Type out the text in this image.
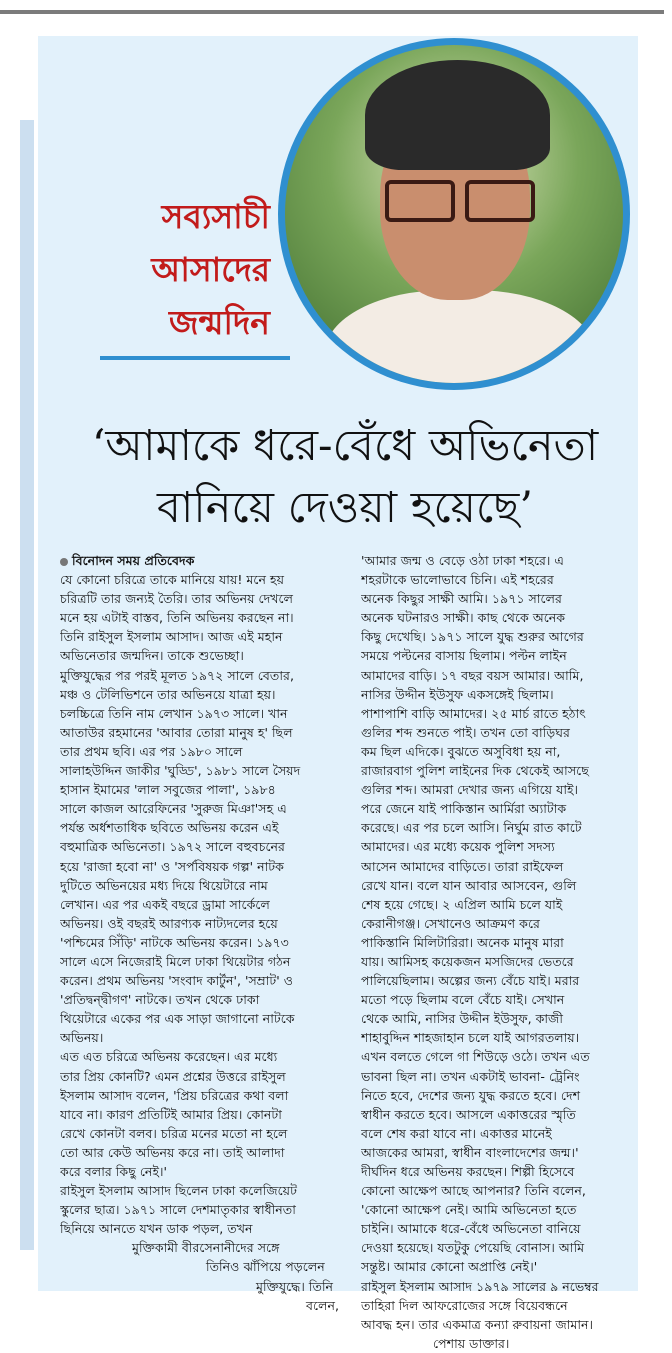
সব্যসাচী
আসাদের
জন্মদিন
‘আমাকে ধরে-বেঁধে অভিনেতা
বানিয়ে দেওয়া হয়েছে’
বিনোদন সময় প্রতিবেদক
যে কোনো চরিত্রে তাকে মানিয়ে যায়! মনে হয়
চরিত্রটি তার জন্যই তৈরি। তার অভিনয় দেখলে
মনে হয় এটাই বাস্তব, তিনি অভিনয় করছেন না।
তিনি রাইসুল ইসলাম আসাদ। আজ এই মহান
অভিনেতার জন্মদিন। তাকে শুভেচ্ছা।
মুক্তিযুদ্ধের পর পরই মূলত ১৯৭২ সালে বেতার,
মঞ্চ ও টেলিভিশনে তার অভিনয়ে যাত্রা হয়।
চলচ্চিত্রে তিনি নাম লেখান ১৯৭৩ সালে। খান
আতাউর রহমানের 'আবার তোরা মানুষ হ' ছিল
তার প্রথম ছবি। এর পর ১৯৮০ সালে
সালাহউদ্দিন জাকীর 'ঘুড্ডি', ১৯৮১ সালে সৈয়দ
হাসান ইমামের 'লাল সবুজের পালা', ১৯৮৪
সালে কাজল আরেফিনের 'সুরুজ মিঞা'সহ এ
পর্যন্ত অর্ধশতাধিক ছবিতে অভিনয় করেন এই
বহুমাত্রিক অভিনেতা। ১৯৭২ সালে বহুবচনের
হয়ে 'রাজা হবো না' ও 'সর্পবিষয়ক গল্প' নাটক
দুটিতে অভিনয়ের মধ্য দিয়ে থিয়েটারে নাম
লেখান। এর পর একই বছরে ড্রামা সার্কেলে
অভিনয়। ওই বছরই আরণ্যক নাট্যদলের হয়ে
'পশ্চিমের সিঁড়ি' নাটকে অভিনয় করেন। ১৯৭৩
সালে এসে নিজেরাই মিলে ঢাকা থিয়েটার গঠন
করেন। প্রথম অভিনয় 'সংবাদ কার্টুন', 'সম্রাট' ও
'প্রতিদ্বন্দ্বীগণ' নাটকে। তখন থেকে ঢাকা
থিয়েটারে একের পর এক সাড়া জাগানো নাটকে
অভিনয়।
এত এত চরিত্রে অভিনয় করেছেন। এর মধ্যে
তার প্রিয় কোনটি? এমন প্রশ্নের উত্তরে রাইসুল
ইসলাম আসাদ বলেন, 'প্রিয় চরিত্রের কথা বলা
যাবে না। কারণ প্রতিটিই আমার প্রিয়। কোনটা
রেখে কোনটা বলব। চরিত্র মনের মতো না হলে
তো আর কেউ অভিনয় করে না। তাই আলাদা
করে বলার কিছু নেই।'
রাইসুল ইসলাম আসাদ ছিলেন ঢাকা কলেজিয়েট
স্কুলের ছাত্র। ১৯৭১ সালে দেশমাতৃকার স্বাধীনতা
ছিনিয়ে আনতে যখন ডাক পড়ল, তখন
মুক্তিকামী বীরসেনানীদের সঙ্গে
তিনিও ঝাঁপিয়ে পড়লেন
মুক্তিযুদ্ধে। তিনি
বলেন,
'আমার জন্ম ও বেড়ে ওঠা ঢাকা শহরে। এ
শহরটাকে ভালোভাবে চিনি। এই শহরের
অনেক কিছুর সাক্ষী আমি। ১৯৭১ সালের
অনেক ঘটনারও সাক্ষী। কাছ থেকে অনেক
কিছু দেখেছি। ১৯৭১ সালে যুদ্ধ শুরুর আগের
সময়ে পল্টনের বাসায় ছিলাম। পল্টন লাইন
আমাদের বাড়ি। ১৭ বছর বয়স আমার। আমি,
নাসির উদ্দীন ইউসুফ একসঙ্গেই ছিলাম।
পাশাপাশি বাড়ি আমাদের। ২৫ মার্চ রাতে হঠাৎ
গুলির শব্দ শুনতে পাই। তখন তো বাড়িঘর
কম ছিল এদিকে। বুঝতে অসুবিধা হয় না,
রাজারবাগ পুলিশ লাইনের দিক থেকেই আসছে
গুলির শব্দ। আমরা দেখার জন্য এগিয়ে যাই।
পরে জেনে যাই পাকিস্তান আর্মিরা অ্যাটাক
করেছে। এর পর চলে আসি। নির্ঘুম রাত কাটে
আমাদের। এর মধ্যে কয়েক পুলিশ সদস্য
আসেন আমাদের বাড়িতে। তারা রাইফেল
রেখে যান। বলে যান আবার আসবেন, গুলি
শেষ হয়ে গেছে। ২ এপ্রিল আমি চলে যাই
কেরানীগঞ্জ। সেখানেও আক্রমণ করে
পাকিস্তানি মিলিটারিরা। অনেক মানুষ মারা
যায়। আমিসহ কয়েকজন মসজিদের ভেতরে
পালিয়েছিলাম। অল্পের জন্য বেঁচে যাই। মরার
মতো পড়ে ছিলাম বলে বেঁচে যাই। সেখান
থেকে আমি, নাসির উদ্দীন ইউসুফ, কাজী
শাহাবুদ্দিন শাহজাহান চলে যাই আগরতলায়।
এখন বলতে গেলে গা শিউড়ে ওঠে। তখন এত
ভাবনা ছিল না। তখন একটাই ভাবনা- ট্রেনিং
নিতে হবে, দেশের জন্য যুদ্ধ করতে হবে। দেশ
স্বাধীন করতে হবে। আসলে একাত্তরের স্মৃতি
বলে শেষ করা যাবে না। একাত্তর মানেই
আজকের আমরা, স্বাধীন বাংলাদেশের জন্ম।'
দীর্ঘদিন ধরে অভিনয় করছেন। শিল্পী হিসেবে
কোনো আক্ষেপ আছে আপনার? তিনি বলেন,
'কোনো আক্ষেপ নেই। আমি অভিনেতা হতে
চাইনি। আমাকে ধরে-বেঁধে অভিনেতা বানিয়ে
দেওয়া হয়েছে। যতটুকু পেয়েছি বোনাস। আমি
সন্তুষ্ট। আমার কোনো অপ্রাপ্তি নেই।'
রাইসুল ইসলাম আসাদ ১৯৭৯ সালের ৯ নভেম্বর
তাহিরা দিল আফরোজের সঙ্গে বিয়েবন্ধনে
আবদ্ধ হন। তার একমাত্র কন্যা রুবায়না জামান।
পেশায় ডাক্তার।
